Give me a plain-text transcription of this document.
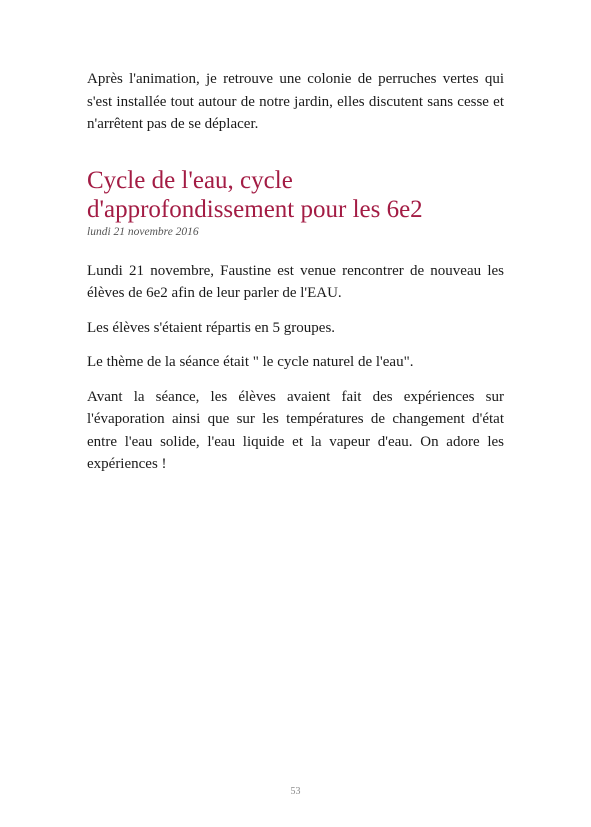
Après l'animation, je retrouve une colonie de perruches vertes qui s'est installée tout autour de notre jardin, elles discutent sans cesse et n'arrêtent pas de se déplacer.

Cycle de l'eau, cycle
d'approfondissement pour les 6e2

lundi 21 novembre 2016

Lundi 21 novembre, Faustine est venue rencontrer de nouveau les élèves de 6e2 afin de leur parler de l'EAU.

Les élèves s'étaient répartis en 5 groupes.

Le thème de la séance était " le cycle naturel de l'eau".

Avant la séance, les élèves avaient fait des expériences sur l'évaporation ainsi que sur les températures de changement d'état entre l'eau solide, l'eau liquide et la vapeur d'eau. On adore les expériences !

53
